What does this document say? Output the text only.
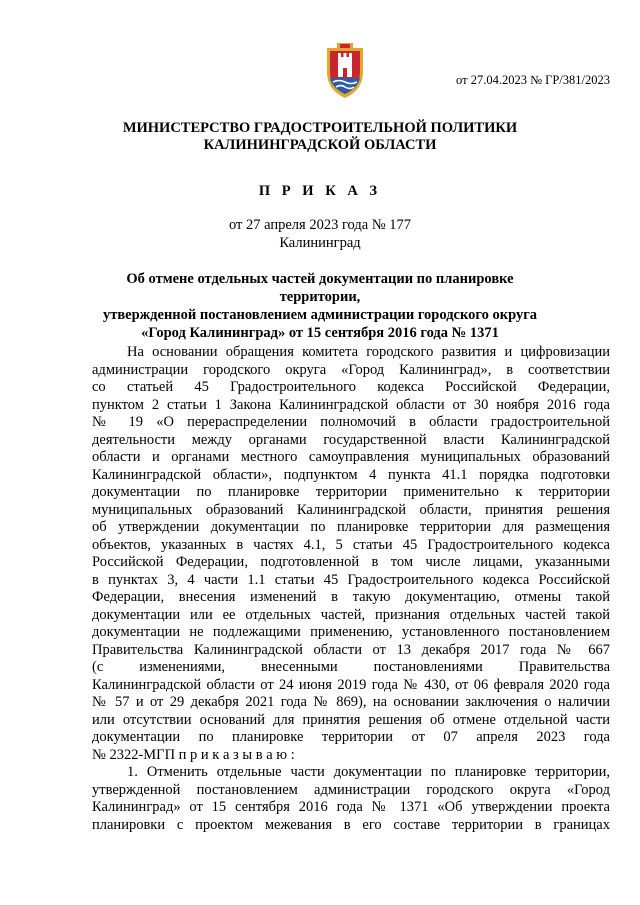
от 27.04.2023 № ГР/381/2023
МИНИСТЕРСТВО ГРАДОСТРОИТЕЛЬНОЙ ПОЛИТИКИ
КАЛИНИНГРАДСКОЙ ОБЛАСТИ
П Р И К А З
от 27 апреля 2023 года № 177
Калининград
Об отмене отдельных частей документации по планировке территории,
утвержденной постановлением администрации городского округа
«Город Калининград» от 15 сентября 2016 года № 1371
На основании обращения комитета городского развития и цифровизации
администрации городского округа «Город Калининград», в соответствии
со статьей 45 Градостроительного кодекса Российской Федерации,
пунктом 2 статьи 1 Закона Калининградской области от 30 ноября 2016 года
№ 19 «О перераспределении полномочий в области градостроительной
деятельности между органами государственной власти Калининградской
области и органами местного самоуправления муниципальных образований
Калининградской области», подпунктом 4 пункта 41.1 порядка подготовки
документации по планировке территории применительно к территории
муниципальных образований Калининградской области, принятия решения
об утверждении документации по планировке территории для размещения
объектов, указанных в частях 4.1, 5 статьи 45 Градостроительного кодекса
Российской Федерации, подготовленной в том числе лицами, указанными
в пунктах 3, 4 части 1.1 статьи 45 Градостроительного кодекса Российской
Федерации, внесения изменений в такую документацию, отмены такой
документации или ее отдельных частей, признания отдельных частей такой
документации не подлежащими применению, установленного постановлением
Правительства Калининградской области от 13 декабря 2017 года № 667
(с изменениями, внесенными постановлениями Правительства
Калининградской области от 24 июня 2019 года № 430, от 06 февраля 2020 года
№ 57 и от 29 декабря 2021 года № 869), на основании заключения о наличии
или отсутствии оснований для принятия решения об отмене отдельной части
документации по планировке территории от 07 апреля 2023 года
№ 2322-МГП п р и к а з ы в а ю :
1. Отменить отдельные части документации по планировке территории,
утвержденной постановлением администрации городского округа «Город
Калининград» от 15 сентября 2016 года № 1371 «Об утверждении проекта
планировки с проектом межевания в его составе территории в границах
